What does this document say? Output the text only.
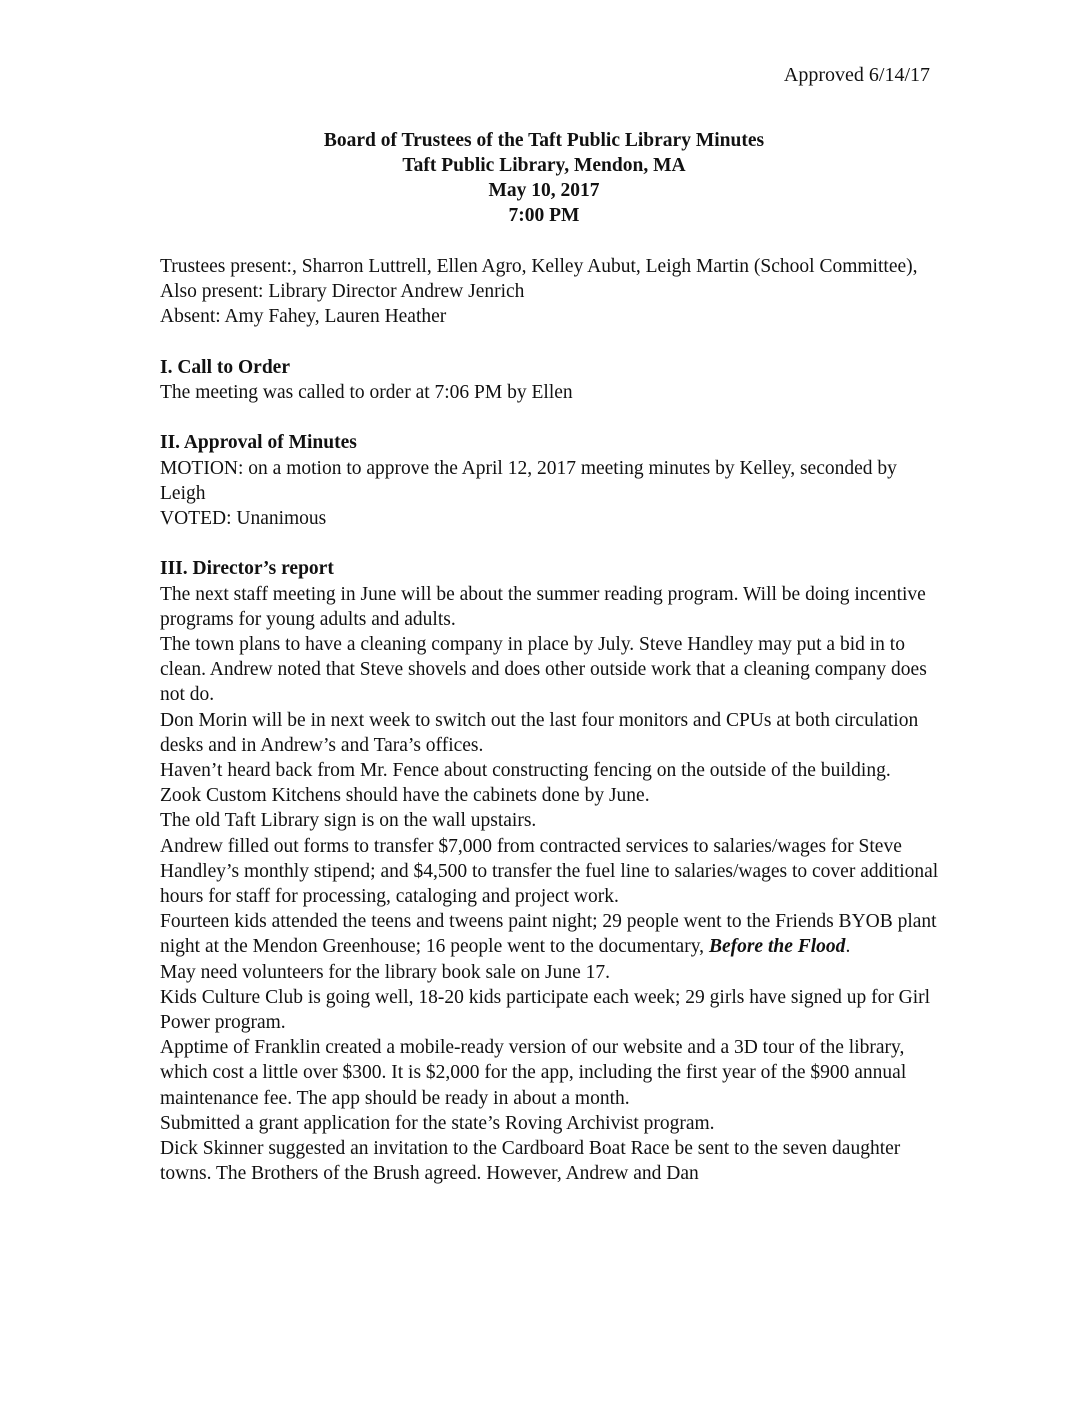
Approved 6/14/17
Board of Trustees of the Taft Public Library Minutes
Taft Public Library, Mendon, MA
May 10, 2017
7:00 PM

Trustees present:, Sharron Luttrell, Ellen Agro, Kelley Aubut, Leigh Martin (School Committee),

Also present: Library Director Andrew Jenrich

Absent: Amy Fahey, Lauren Heather

I. Call to Order

The meeting was called to order at 7:06 PM by Ellen

II. Approval of Minutes

MOTION: on a motion to approve the April 12, 2017 meeting minutes by Kelley, seconded by Leigh

VOTED: Unanimous

III. Director’s report

The next staff meeting in June will be about the summer reading program. Will be doing incentive programs for young adults and adults.

The town plans to have a cleaning company in place by July. Steve Handley may put a bid in to clean. Andrew noted that Steve shovels and does other outside work that a cleaning company does not do.

Don Morin will be in next week to switch out the last four monitors and CPUs at both circulation desks and in Andrew’s and Tara’s offices.

Haven’t heard back from Mr. Fence about constructing fencing on the outside of the building.

Zook Custom Kitchens should have the cabinets done by June.

The old Taft Library sign is on the wall upstairs.

Andrew filled out forms to transfer $7,000 from contracted services to salaries/wages for Steve Handley’s monthly stipend; and $4,500 to transfer the fuel line to salaries/wages to cover additional hours for staff for processing, cataloging and project work.

Fourteen kids attended the teens and tweens paint night; 29 people went to the Friends BYOB plant night at the Mendon Greenhouse; 16 people went to the documentary, Before the Flood.

May need volunteers for the library book sale on June 17.

Kids Culture Club is going well, 18-20 kids participate each week; 29 girls have signed up for Girl Power program.

Apptime of Franklin created a mobile-ready version of our website and a 3D tour of the library, which cost a little over $300. It is $2,000 for the app, including the first year of the $900 annual maintenance fee. The app should be ready in about a month.

Submitted a grant application for the state’s Roving Archivist program.

Dick Skinner suggested an invitation to the Cardboard Boat Race be sent to the seven daughter towns. The Brothers of the Brush agreed. However, Andrew and Dan
